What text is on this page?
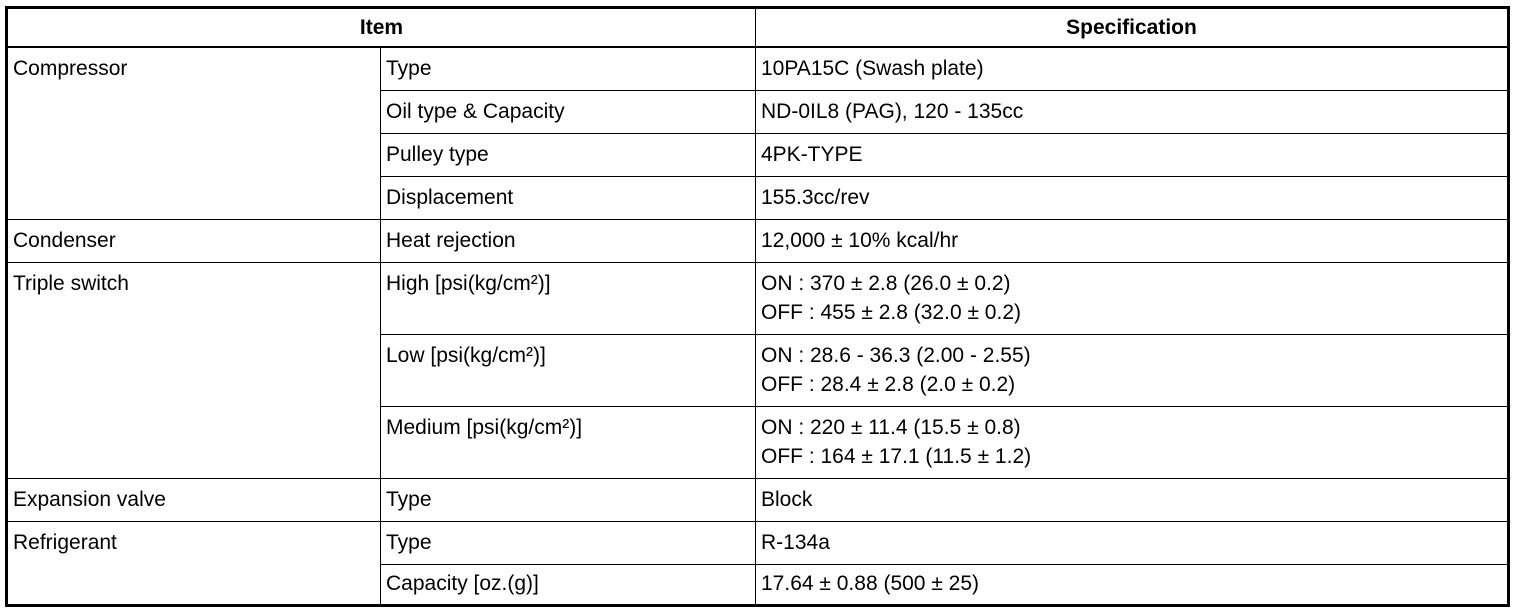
Item		Specification
Compressor	Type	10PA15C (Swash plate)

	Oil type & Capacity	ND-0IL8 (PAG), 120 - 135cc

	Pulley type	4PK-TYPE

	Displacement	155.3cc/rev

Condenser	Heat rejection	12,000 ± 10% kcal/hr

Triple switch	High [psi(kg/cm²)]	ON : 370 ± 2.8 (26.0 ± 0.2)
OFF : 455 ± 2.8 (32.0 ± 0.2)

	Low [psi(kg/cm²)]	ON : 28.6 - 36.3 (2.00 - 2.55)
OFF : 28.4 ± 2.8 (2.0 ± 0.2)

	Medium [psi(kg/cm²)]	ON : 220 ± 11.4 (15.5 ± 0.8)
OFF : 164 ± 17.1 (11.5 ± 1.2)

Expansion valve	Type	Block

Refrigerant	Type	R-134a

	Capacity [oz.(g)]	17.64 ± 0.88 (500 ± 25)
